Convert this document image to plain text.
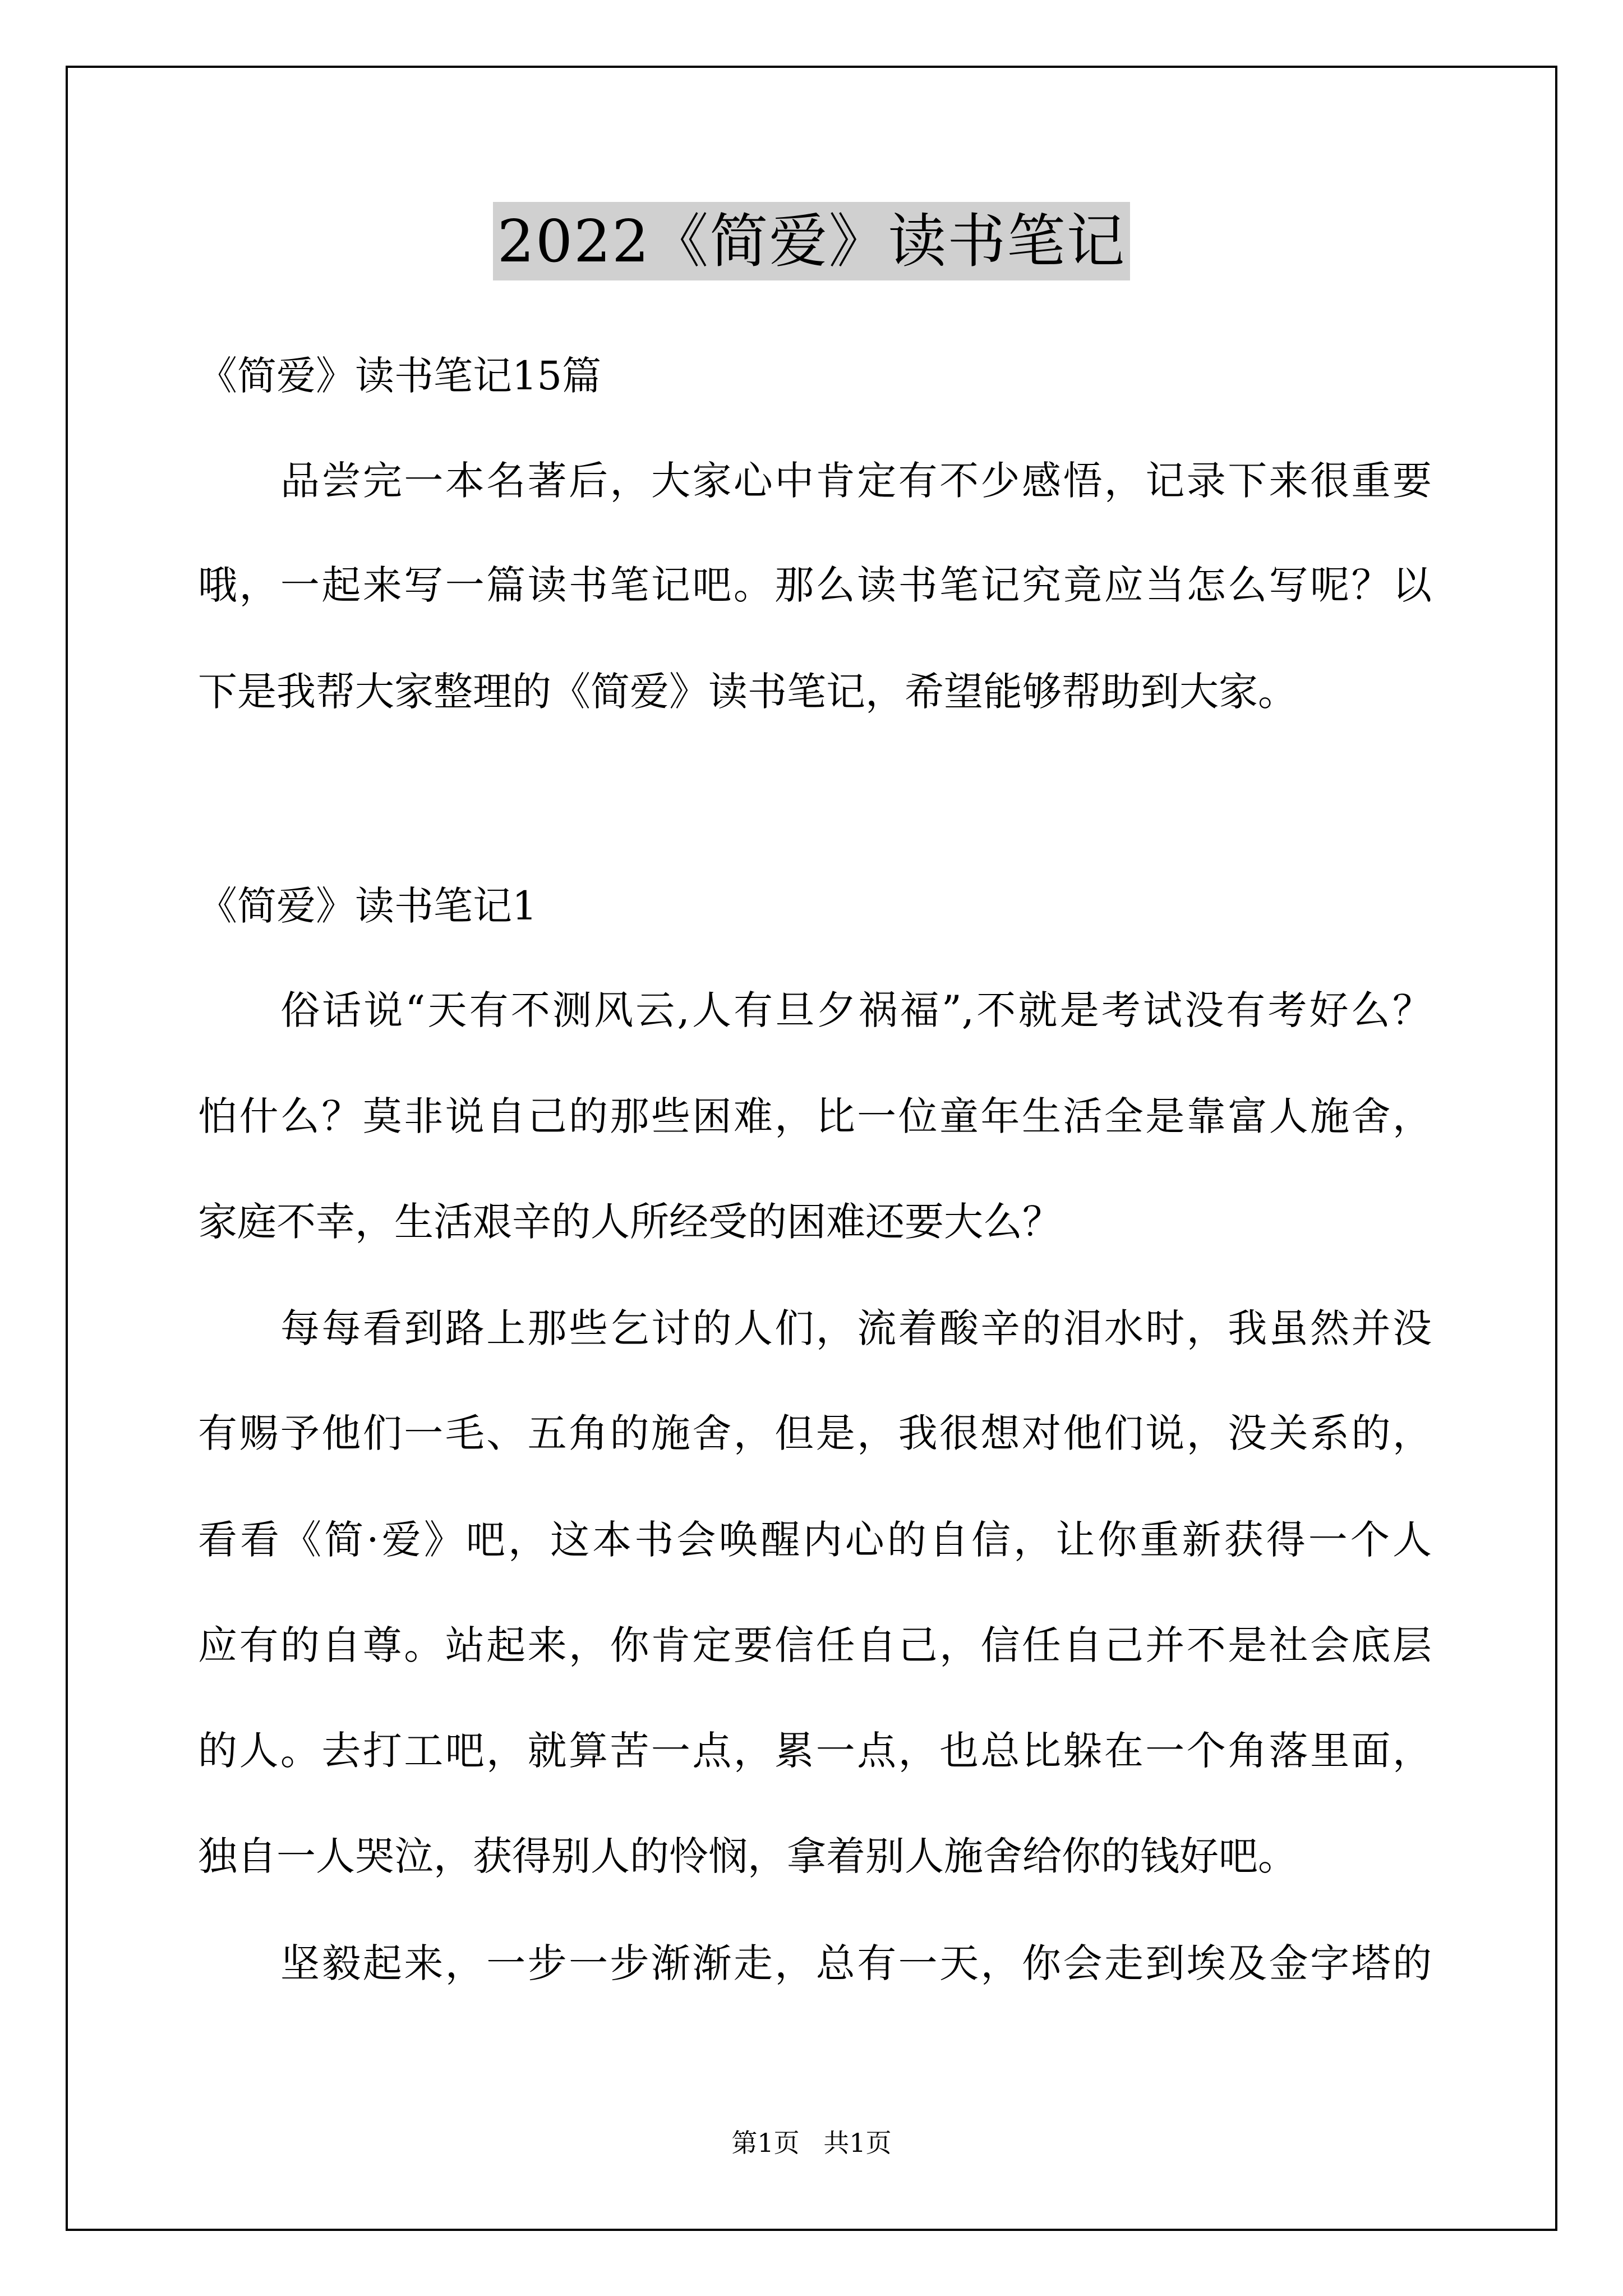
2022《简爱》读书笔记
《简爱》读书笔记15篇
品尝完一本名著后，大家心中肯定有不少感悟，记录下来很重要
哦，一起来写一篇读书笔记吧。那么读书笔记究竟应当怎么写呢？以
下是我帮大家整理的《简爱》读书笔记，希望能够帮助到大家。
《简爱》读书笔记1
俗话说“天有不测风云,人有旦夕祸福”,不就是考试没有考好么？
怕什么？莫非说自己的那些困难，比一位童年生活全是靠富人施舍，
家庭不幸，生活艰辛的人所经受的困难还要大么？
每每看到路上那些乞讨的人们，流着酸辛的泪水时，我虽然并没
有赐予他们一毛、五角的施舍，但是，我很想对他们说，没关系的，
看看《简·爱》吧，这本书会唤醒内心的自信，让你重新获得一个人
应有的自尊。站起来，你肯定要信任自己，信任自己并不是社会底层
的人。去打工吧，就算苦一点，累一点，也总比躲在一个角落里面，
独自一人哭泣，获得别人的怜悯，拿着别人施舍给你的钱好吧。
坚毅起来，一步一步渐渐走，总有一天，你会走到埃及金字塔的
第1页 共1页
